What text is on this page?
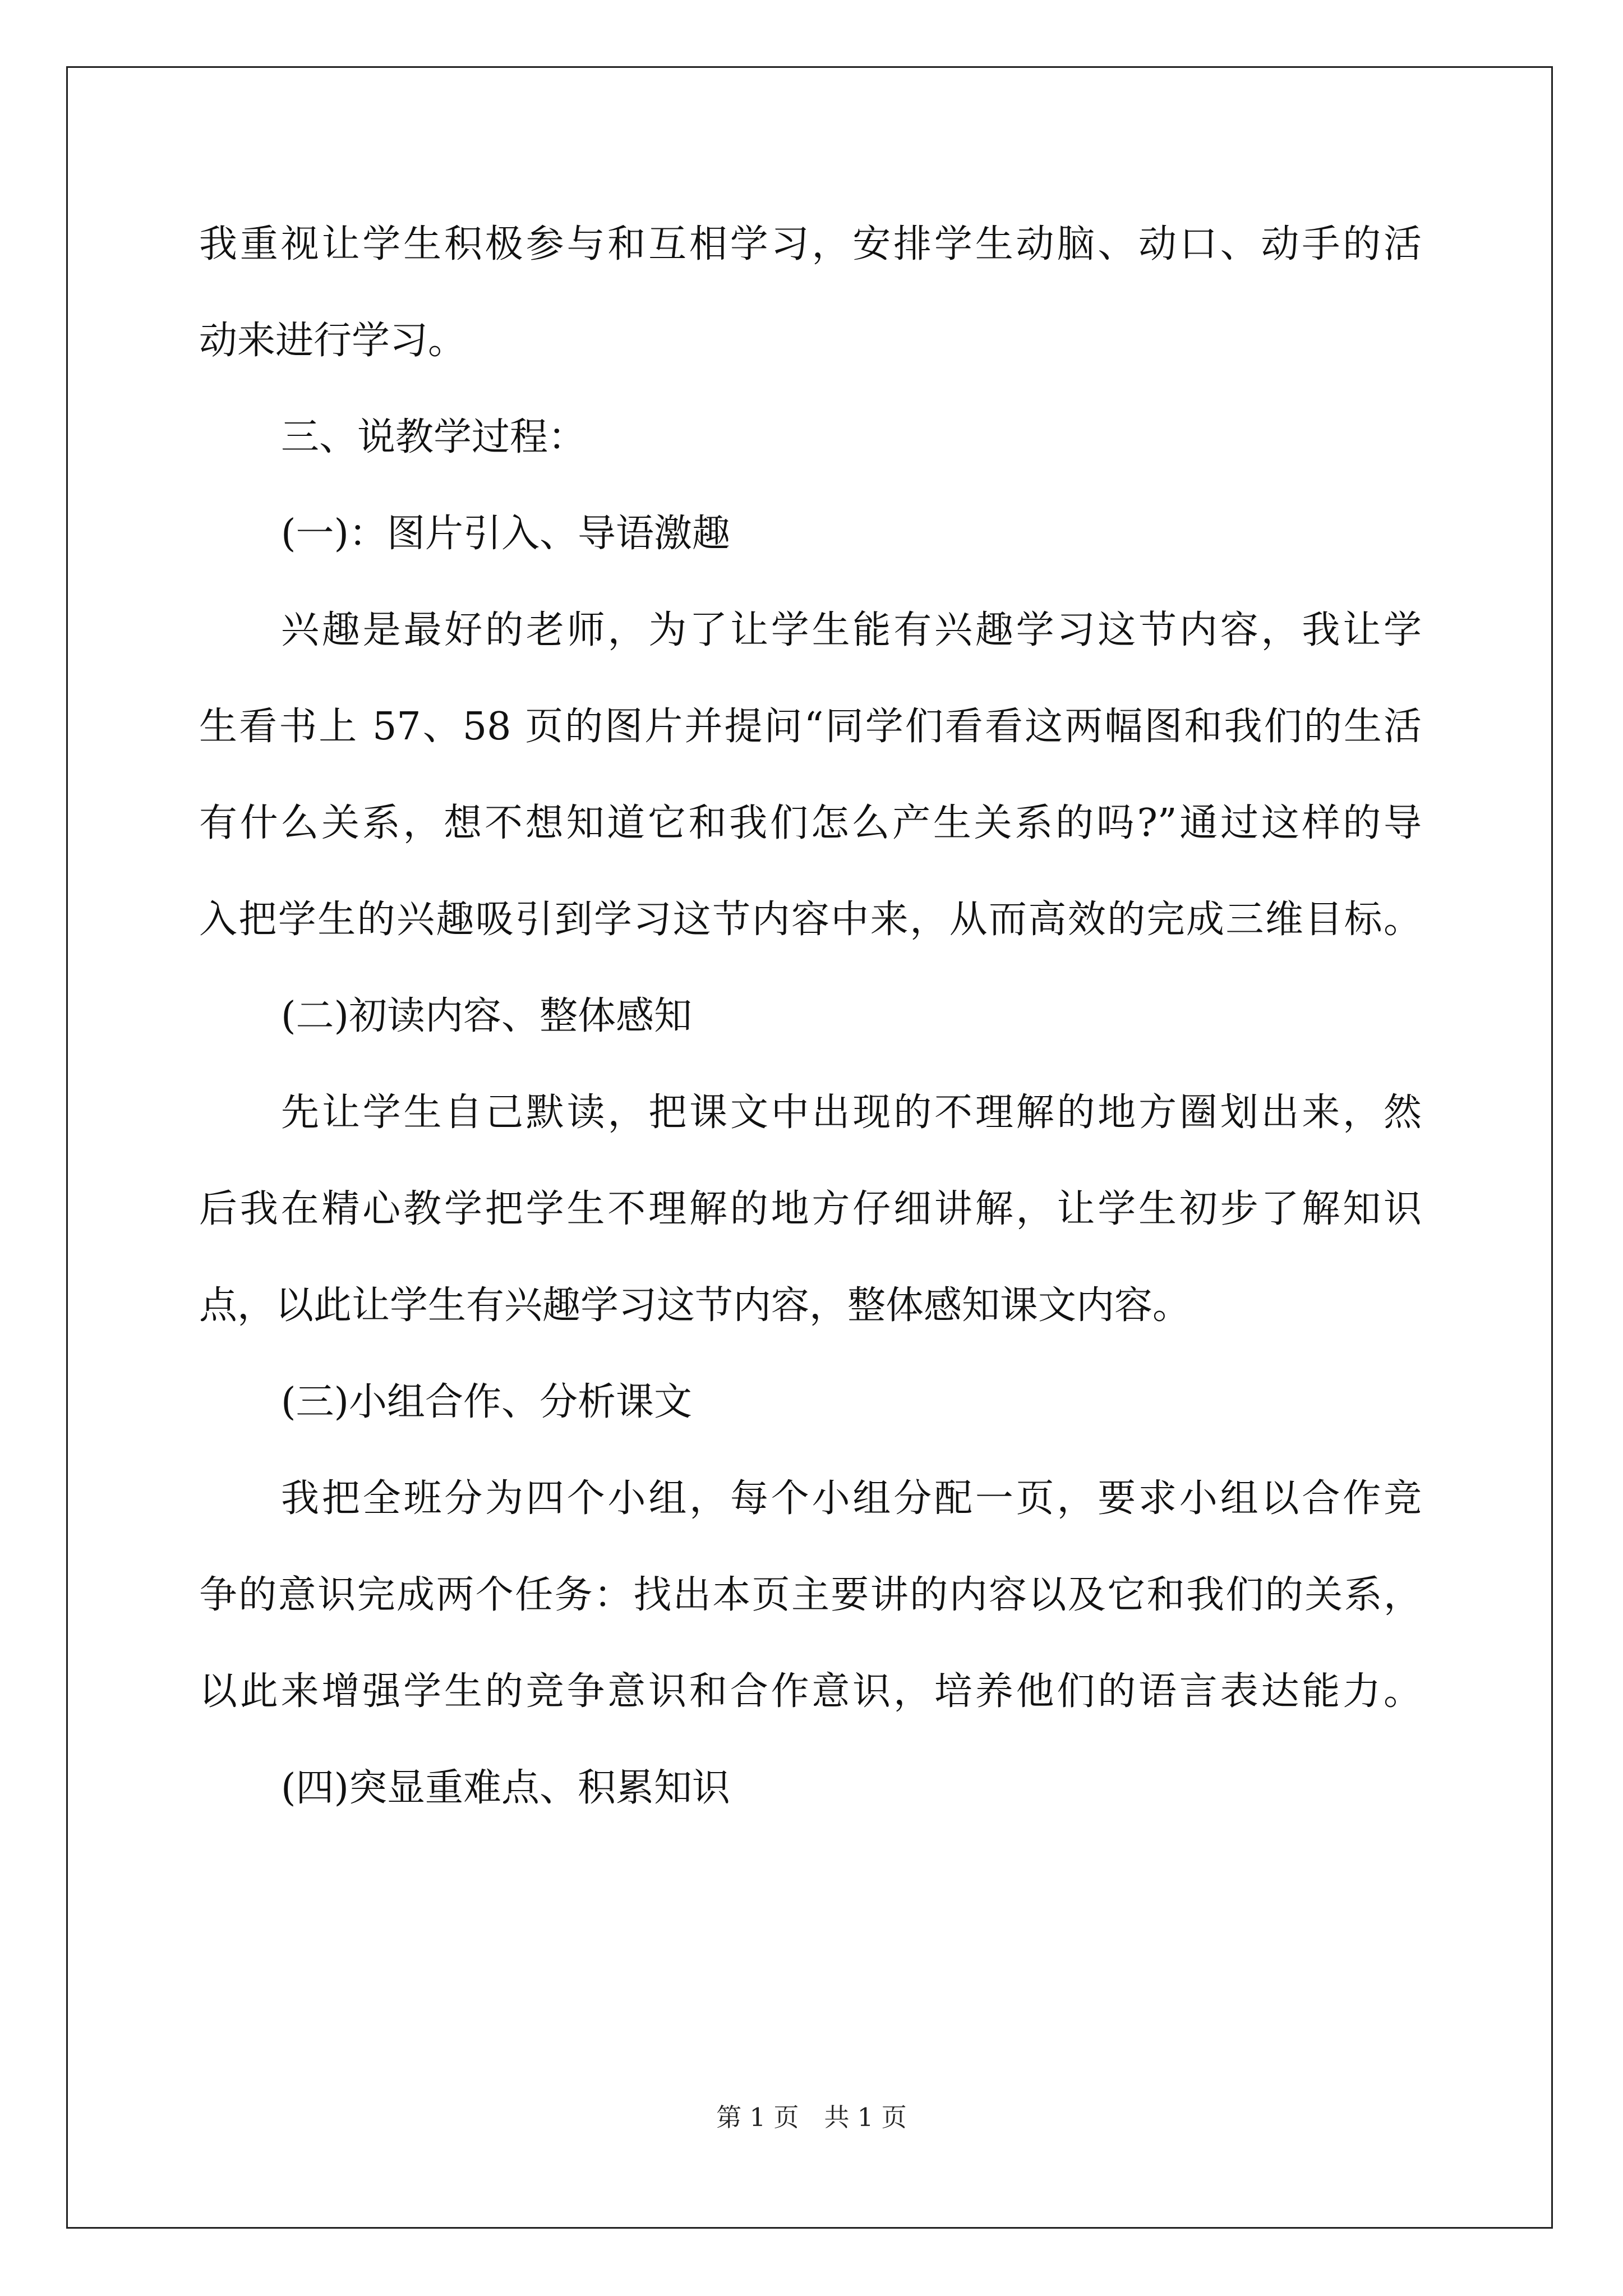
我重视让学生积极参与和互相学习，安排学生动脑、动口、动手的活
动来进行学习。
三、说教学过程：
(一)：图片引入、导语激趣
兴趣是最好的老师，为了让学生能有兴趣学习这节内容，我让学
生看书上 57、58 页的图片并提问“同学们看看这两幅图和我们的生活
有什么关系，想不想知道它和我们怎么产生关系的吗?”通过这样的导
入把学生的兴趣吸引到学习这节内容中来，从而高效的完成三维目标。
(二)初读内容、整体感知
先让学生自己默读，把课文中出现的不理解的地方圈划出来，然
后我在精心教学把学生不理解的地方仔细讲解，让学生初步了解知识
点，以此让学生有兴趣学习这节内容，整体感知课文内容。
(三)小组合作、分析课文
我把全班分为四个小组，每个小组分配一页，要求小组以合作竞
争的意识完成两个任务：找出本页主要讲的内容以及它和我们的关系，
以此来增强学生的竞争意识和合作意识，培养他们的语言表达能力。
(四)突显重难点、积累知识
第 1 页　共 1 页
